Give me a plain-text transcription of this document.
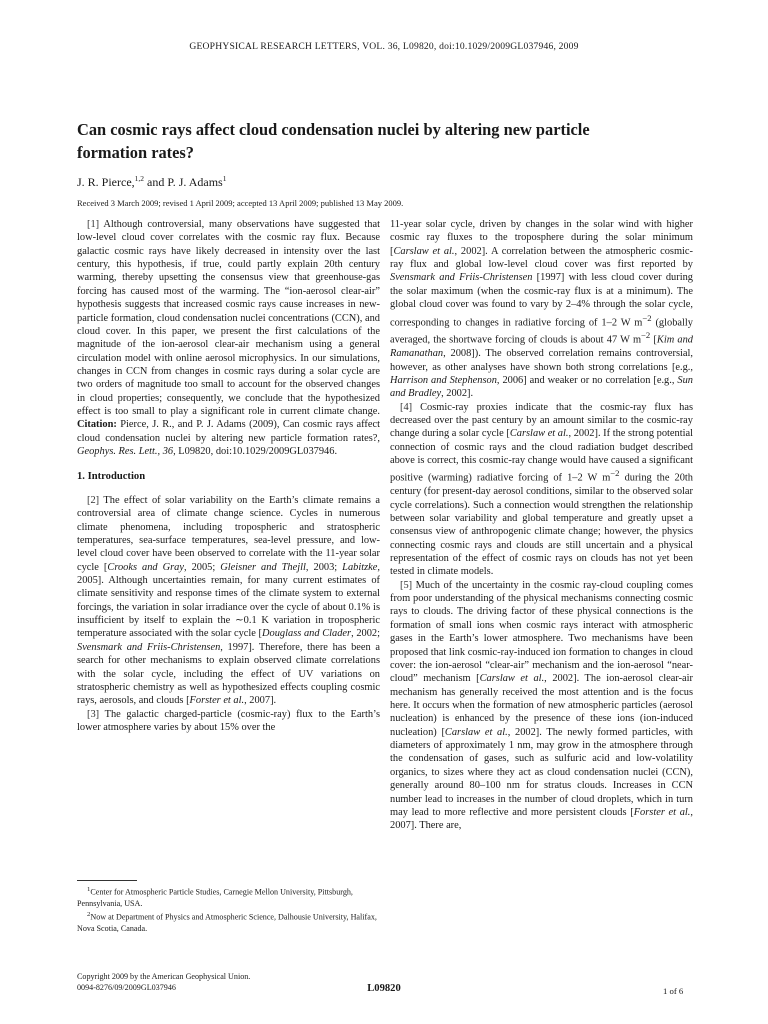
GEOPHYSICAL RESEARCH LETTERS, VOL. 36, L09820, doi:10.1029/2009GL037946, 2009
Can cosmic rays affect cloud condensation nuclei by altering new particle formation rates?
J. R. Pierce,$^{1,2}$ and P. J. Adams$^1$
Received 3 March 2009; revised 1 April 2009; accepted 13 April 2009; published 13 May 2009.

[1] Although controversial, many observations have suggested that low-level cloud cover correlates with the cosmic ray flux. Because galactic cosmic rays have likely decreased in intensity over the last century, this hypothesis, if true, could partly explain 20th century warming, thereby upsetting the consensus view that greenhouse-gas forcing has caused most of the warming. The “ion-aerosol clear-air” hypothesis suggests that increased cosmic rays cause increases in new-particle formation, cloud condensation nuclei concentrations (CCN), and cloud cover. In this paper, we present the first calculations of the magnitude of the ion-aerosol clear-air mechanism using a general circulation model with online aerosol microphysics. In our simulations, changes in CCN from changes in cosmic rays during a solar cycle are two orders of magnitude too small to account for the observed changes in cloud properties; consequently, we conclude that the hypothesized effect is too small to play a significant role in current climate change. Citation: Pierce, J. R., and P. J. Adams (2009), Can cosmic rays affect cloud condensation nuclei by altering new particle formation rates?, Geophys. Res. Lett., 36, L09820, doi:10.1029/2009GL037946.

1. Introduction

[2] The effect of solar variability on the Earth’s climate remains a controversial area of climate change science. Cycles in numerous climate phenomena, including tropospheric and stratospheric temperatures, sea-surface temperatures, sea-level pressure, and low-level cloud cover have been observed to correlate with the 11-year solar cycle [Crooks and Gray, 2005; Gleisner and Thejll, 2003; Labitzke, 2005]. Although uncertainties remain, for many current estimates of climate sensitivity and response times of the climate system to external forcings, the variation in solar irradiance over the cycle of about 0.1% is insufficient by itself to explain the ∼0.1 K variation in tropospheric temperature associated with the solar cycle [Douglass and Clader, 2002; Svensmark and Friis-Christensen, 1997]. Therefore, there has been a search for other mechanisms to explain observed climate correlations with the solar cycle, including the effect of UV variations on stratospheric chemistry as well as hypothesized effects coupling cosmic rays, aerosols, and clouds [Forster et al., 2007].

[3] The galactic charged-particle (cosmic-ray) flux to the Earth’s lower atmosphere varies by about 15% over the

11-year solar cycle, driven by changes in the solar wind with higher cosmic ray fluxes to the troposphere during the solar minimum [Carslaw et al., 2002]. A correlation between the atmospheric cosmic-ray flux and global low-level cloud cover was first reported by Svensmark and Friis-Christensen [1997] with less cloud cover during the solar maximum (when the cosmic-ray flux is at a minimum). The global cloud cover was found to vary by 2–4% through the solar cycle, corresponding to changes in radiative forcing of 1–2 W $m^{-2}$ (globally averaged, the shortwave forcing of clouds is about 47 W $m^{-2}$ [Kim and Ramanathan, 2008]). The observed correlation remains controversial, however, as other analyses have shown both strong correlations [e.g., Harrison and Stephenson, 2006] and weaker or no correlation [e.g., Sun and Bradley, 2002].

[4] Cosmic-ray proxies indicate that the cosmic-ray flux has decreased over the past century by an amount similar to the cosmic-ray change during a solar cycle [Carslaw et al., 2002]. If the strong potential connection of cosmic rays and the cloud radiation budget described above is correct, this cosmic-ray change would have caused a significant positive (warming) radiative forcing of 1–2 W $m^{-2}$ during the 20th century (for present-day aerosol conditions, similar to the observed solar cycle correlations). Such a connection would strengthen the relationship between solar variability and global temperature and greatly upset a consensus view of anthropogenic climate change; however, the physics connecting cosmic rays and clouds are still uncertain and a physical representation of the effect of cosmic rays on clouds has not yet been tested in climate models.

[5] Much of the uncertainty in the cosmic ray-cloud coupling comes from poor understanding of the physical mechanisms connecting cosmic rays to clouds. The driving factor of these physical connections is the formation of small ions when cosmic rays interact with atmospheric gases in the Earth’s lower atmosphere. Two mechanisms have been proposed that link cosmic-ray-induced ion formation to changes in cloud cover: the ion-aerosol “clear-air” mechanism and the ion-aerosol “near-cloud” mechanism [Carslaw et al., 2002]. The ion-aerosol clear-air mechanism has generally received the most attention and is the focus here. It occurs when the formation of new atmospheric particles (aerosol nucleation) is enhanced by the presence of these ions (ion-induced nucleation) [Carslaw et al., 2002]. The newly formed particles, with diameters of approximately 1 nm, may grow in the atmosphere through the condensation of gases, such as sulfuric acid and low-volatility organics, to sizes where they act as cloud condensation nuclei (CCN), generally around 80–100 nm for stratus clouds. Increases in CCN number lead to increases in the number of cloud droplets, which in turn may lead to more reflective and more persistent clouds [Forster et al., 2007]. There are,

$^1$Center for Atmospheric Particle Studies, Carnegie Mellon University, Pittsburgh, Pennsylvania, USA.

$^2$Now at Department of Physics and Atmospheric Science, Dalhousie University, Halifax, Nova Scotia, Canada.

Copyright 2009 by the American Geophysical Union.
0094-8276/09/2009GL037946	L09820	1 of 6
